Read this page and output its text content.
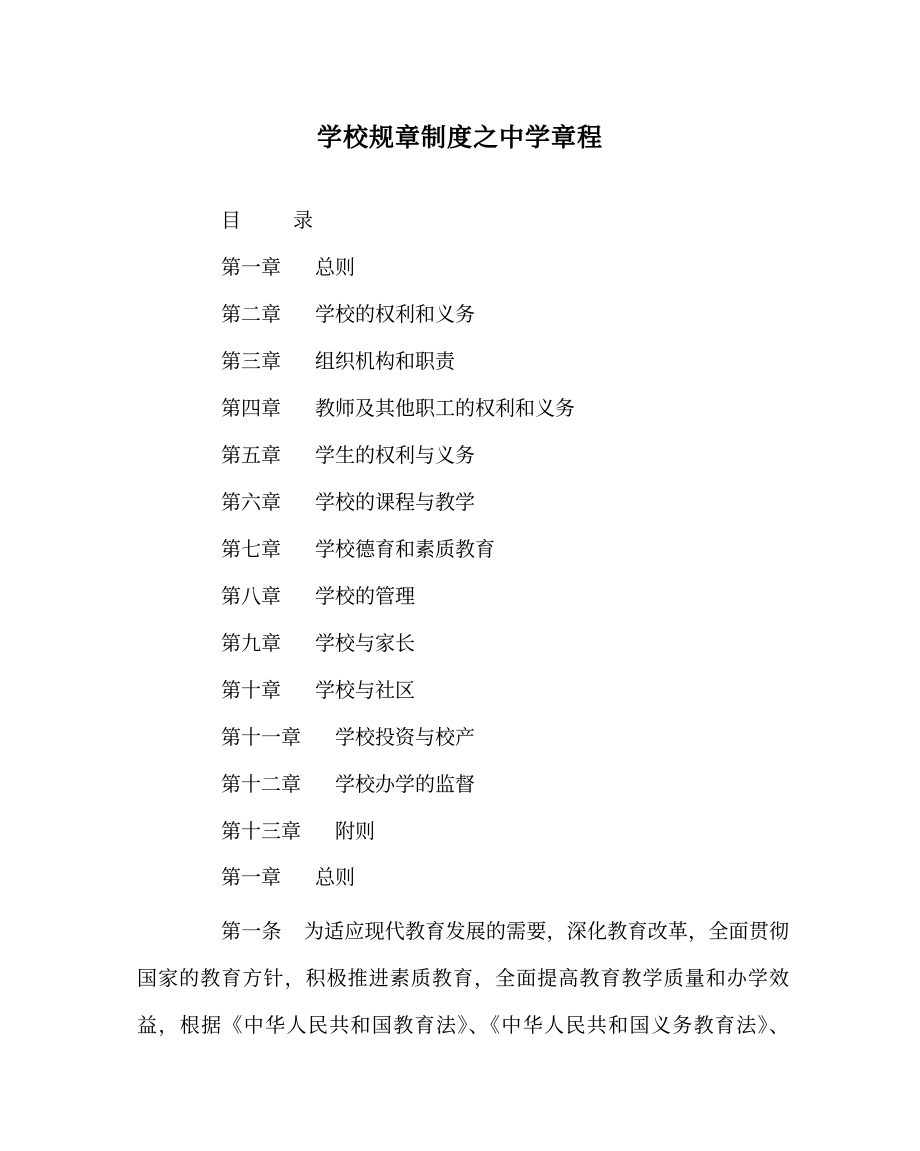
学校规章制度之中学章程
目	录
第一章 总则
第二章 学校的权利和义务
第三章 组织机构和职责
第四章 教师及其他职工的权利和义务
第五章 学生的权利与义务
第六章 学校的课程与教学
第七章 学校德育和素质教育
第八章 学校的管理
第九章 学校与家长
第十章 学校与社区
第十一章 学校投资与校产
第十二章 学校办学的监督
第十三章 附则
第一章 总则

第一条 为适应现代教育发展的需要，深化教育改革，全面贯彻国家的教育方针，积极推进素质教育，全面提高教育教学质量和办学效益，根据《中华人民共和国教育法》、《中华人民共和国义务教育法》、
